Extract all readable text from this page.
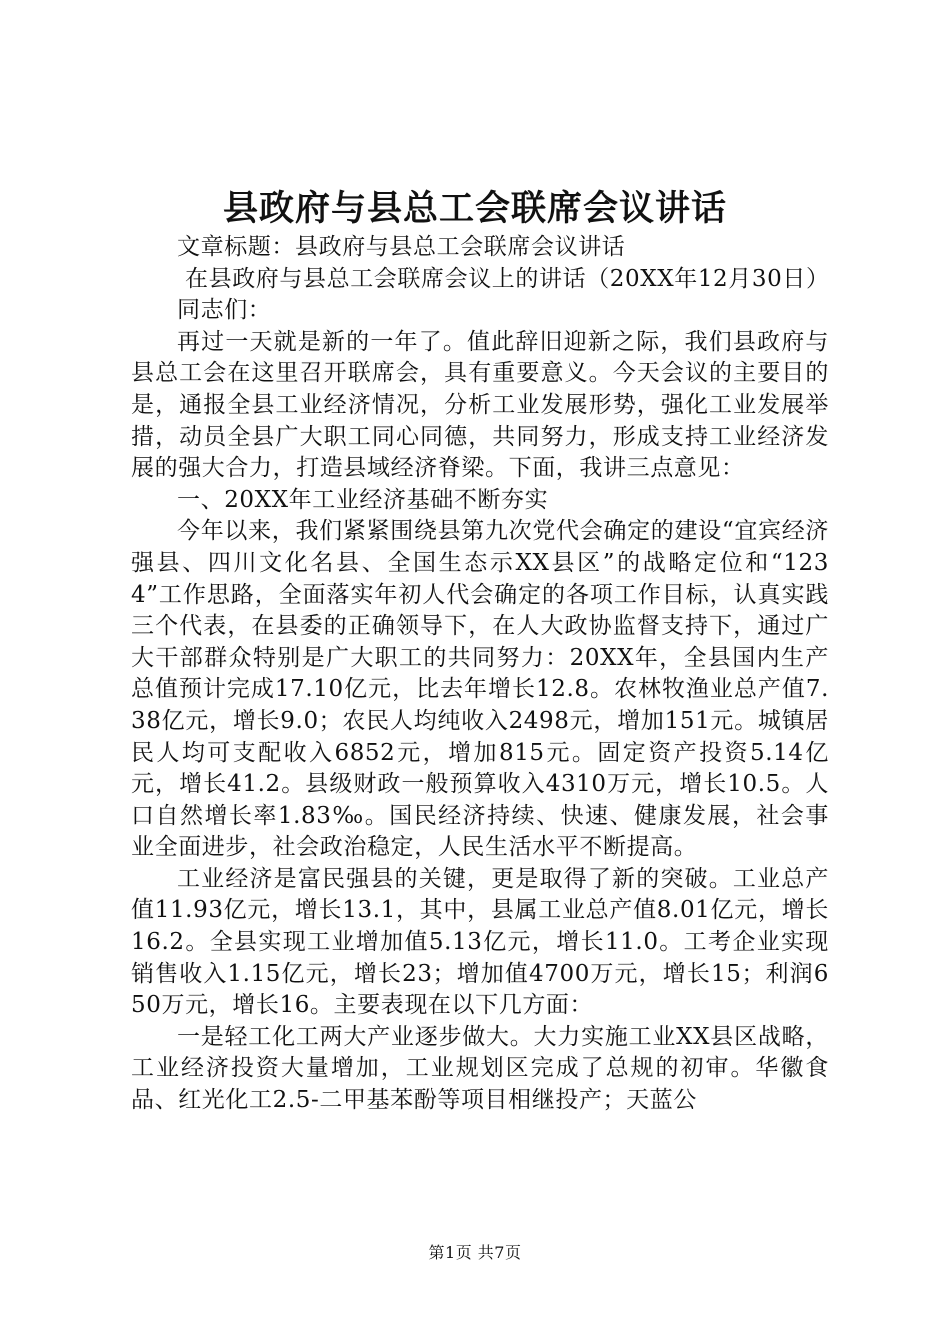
县政府与县总工会联席会议讲话

文章标题：县政府与县总工会联席会议讲话

在县政府与县总工会联席会议上的讲话（20XX年12月30日）

同志们：

再过一天就是新的一年了。值此辞旧迎新之际，我们县政府与县总工会在这里召开联席会，具有重要意义。今天会议的主要目的是，通报全县工业经济情况，分析工业发展形势，强化工业发展举措，动员全县广大职工同心同德，共同努力，形成支持工业经济发展的强大合力，打造县域经济脊梁。下面，我讲三点意见：

一、20XX年工业经济基础不断夯实

今年以来，我们紧紧围绕县第九次党代会确定的建设“宜宾经济强县、四川文化名县、全国生态示XX县区”的战略定位和“1234”工作思路，全面落实年初人代会确定的各项工作目标，认真实践三个代表，在县委的正确领导下，在人大政协监督支持下，通过广大干部群众特别是广大职工的共同努力：20XX年，全县国内生产总值预计完成17.10亿元，比去年增长12.8。农林牧渔业总产值7.38亿元，增长9.0；农民人均纯收入2498元，增加151元。城镇居民人均可支配收入6852元，增加815元。固定资产投资5.14亿元，增长41.2。县级财政一般预算收入4310万元，增长10.5。人口自然增长率1.83‰。国民经济持续、快速、健康发展，社会事业全面进步，社会政治稳定，人民生活水平不断提高。

工业经济是富民强县的关键，更是取得了新的突破。工业总产值11.93亿元，增长13.1，其中，县属工业总产值8.01亿元，增长16.2。全县实现工业增加值5.13亿元，增长11.0。工考企业实现销售收入1.15亿元，增长23；增加值4700万元，增长15；利润650万元，增长16。主要表现在以下几方面：

一是轻工化工两大产业逐步做大。大力实施工业XX县区战略，工业经济投资大量增加，工业规划区完成了总规的初审。华徽食品、红光化工2.5-二甲基苯酚等项目相继投产；天蓝公

第1页 共7页
